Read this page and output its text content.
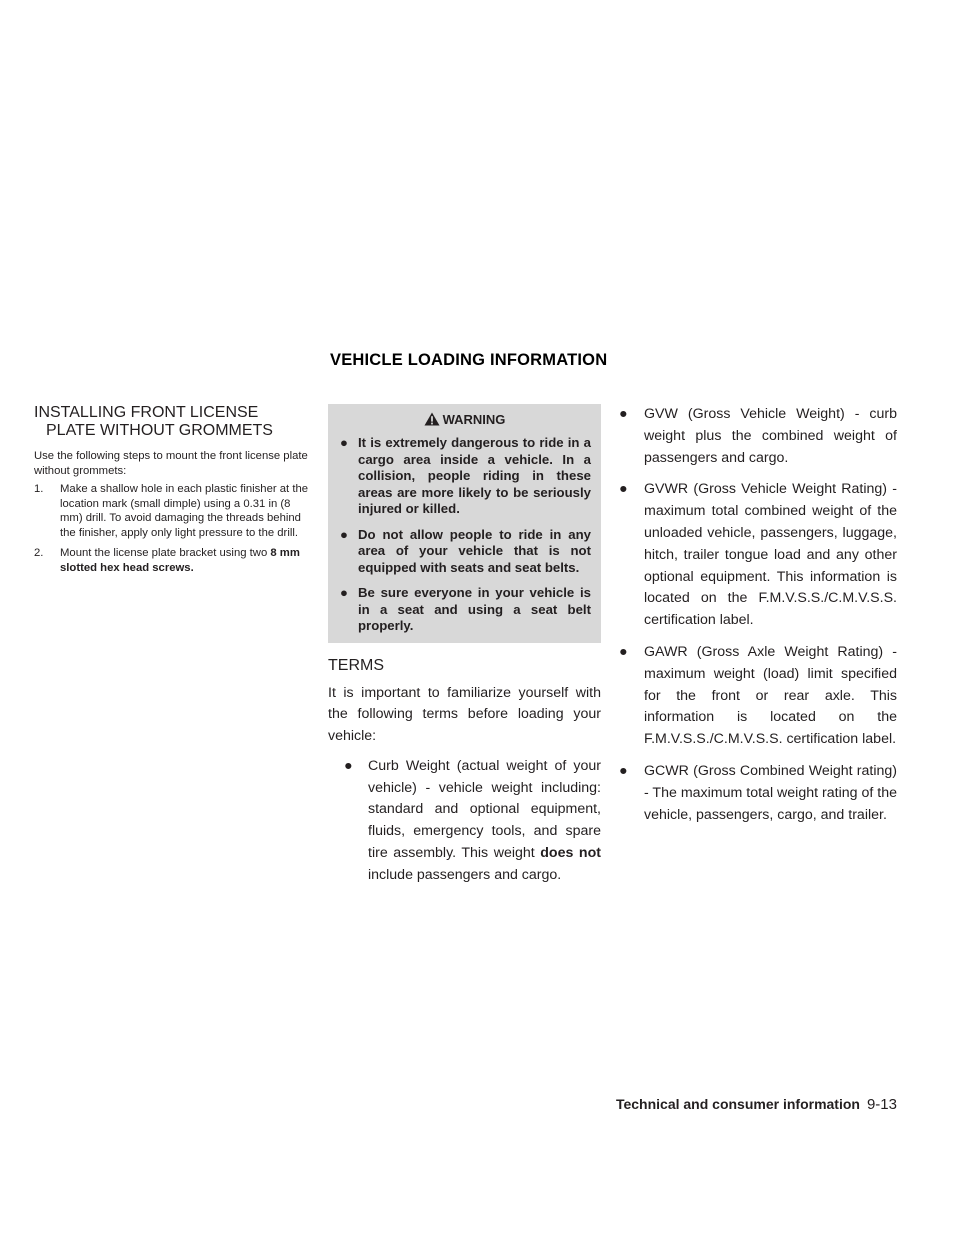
VEHICLE LOADING INFORMATION
INSTALLING FRONT LICENSE
PLATE WITHOUT GROMMETS

Use the following steps to mount the front license plate without grommets:

1. Make a shallow hole in each plastic finisher at the location mark (small dimple) using a 0.31 in (8 mm) drill. To avoid damaging the threads behind the finisher, apply only light pressure to the drill.
2. Mount the license plate bracket using two 8 mm slotted hex head screws.
WARNING
● It is extremely dangerous to ride in a cargo area inside a vehicle. In a collision, people riding in these areas are more likely to be seriously injured or killed.
● Do not allow people to ride in any area of your vehicle that is not equipped with seats and seat belts.
● Be sure everyone in your vehicle is in a seat and using a seat belt properly.
TERMS

It is important to familiarize yourself with the following terms before loading your vehicle:

● Curb Weight (actual weight of your vehicle) - vehicle weight including: standard and optional equipment, fluids, emergency tools, and spare tire assembly. This weight does not include passengers and cargo.
● GVW (Gross Vehicle Weight) - curb weight plus the combined weight of passengers and cargo.
● GVWR (Gross Vehicle Weight Rating) - maximum total combined weight of the unloaded vehicle, passengers, luggage, hitch, trailer tongue load and any other optional equipment. This information is located on the F.M.V.S.S./C.M.V.S.S. certification label.
● GAWR (Gross Axle Weight Rating) - maximum weight (load) limit specified for the front or rear axle. This information is located on the F.M.V.S.S./C.M.V.S.S. certification label.
● GCWR (Gross Combined Weight rating) - The maximum total weight rating of the vehicle, passengers, cargo, and trailer.
Technical and consumer information 9-13
